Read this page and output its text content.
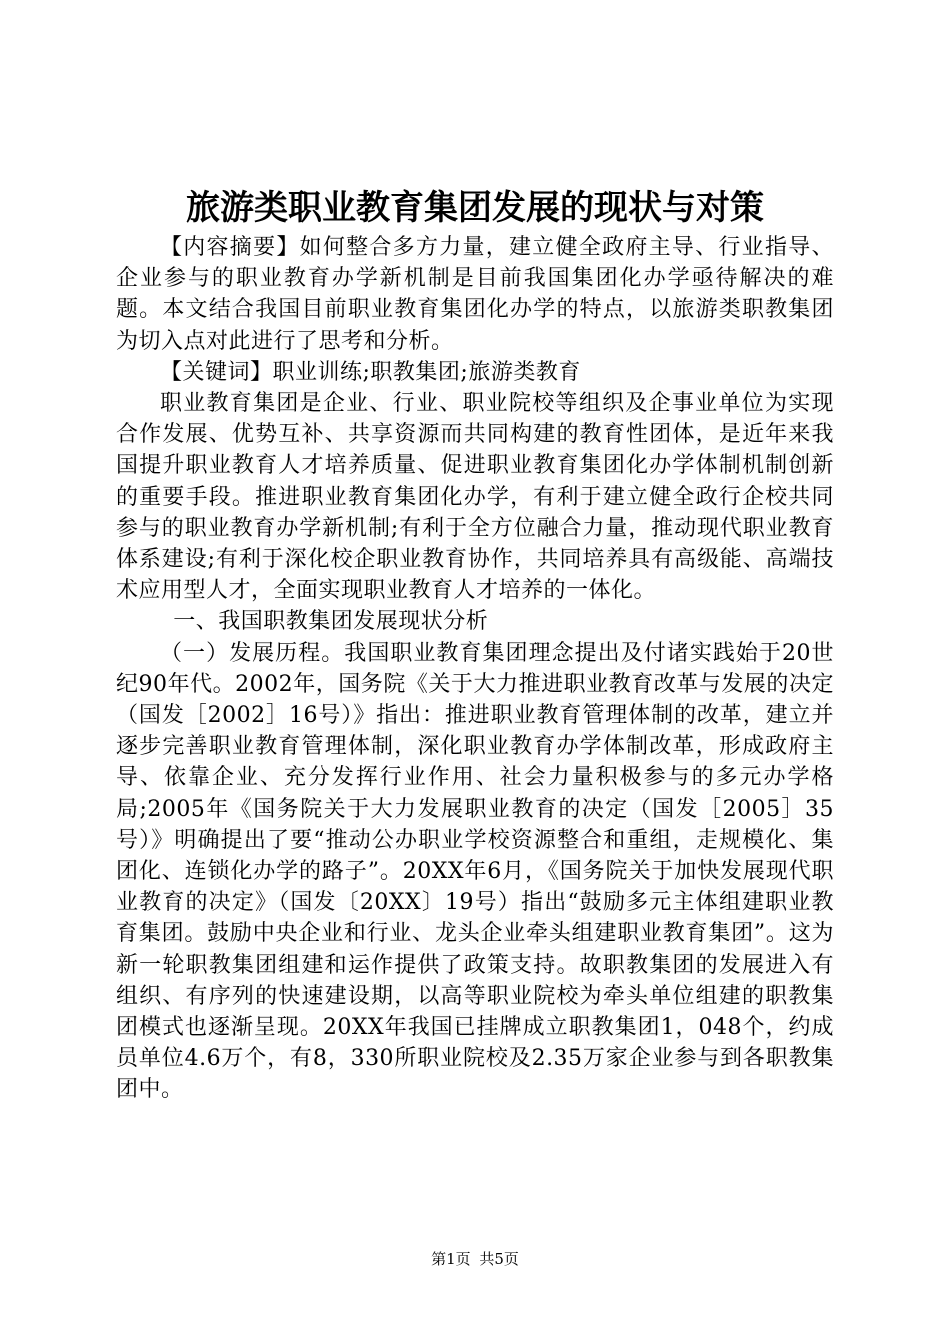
旅游类职业教育集团发展的现状与对策

【内容摘要】如何整合多方力量，建立健全政府主导、行业指导、企业参与的职业教育办学新机制是目前我国集团化办学亟待解决的难题。本文结合我国目前职业教育集团化办学的特点，以旅游类职教集团为切入点对此进行了思考和分析。

【关键词】职业训练;职教集团;旅游类教育

职业教育集团是企业、行业、职业院校等组织及企事业单位为实现合作发展、优势互补、共享资源而共同构建的教育性团体，是近年来我国提升职业教育人才培养质量、促进职业教育集团化办学体制机制创新的重要手段。推进职业教育集团化办学，有利于建立健全政行企校共同参与的职业教育办学新机制;有利于全方位融合力量，推动现代职业教育体系建设;有利于深化校企职业教育协作，共同培养具有高级能、高端技术应用型人才，全面实现职业教育人才培养的一体化。

一、我国职教集团发展现状分析

（一）发展历程。我国职业教育集团理念提出及付诸实践始于20世纪90年代。2002年，国务院《关于大力推进职业教育改革与发展的决定（国发［2002］16号）》指出：推进职业教育管理体制的改革，建立并逐步完善职业教育管理体制，深化职业教育办学体制改革，形成政府主导、依靠企业、充分发挥行业作用、社会力量积极参与的多元办学格局;2005年《国务院关于大力发展职业教育的决定（国发［2005］35号）》明确提出了要“推动公办职业学校资源整合和重组，走规模化、集团化、连锁化办学的路子”。20XX年6月，《国务院关于加快发展现代职业教育的决定》（国发〔20XX〕19号）指出“鼓励多元主体组建职业教育集团。鼓励中央企业和行业、龙头企业牵头组建职业教育集团”。这为新一轮职教集团组建和运作提供了政策支持。故职教集团的发展进入有组织、有序列的快速建设期，以高等职业院校为牵头单位组建的职教集团模式也逐渐呈现。20XX年我国已挂牌成立职教集团1，048个，约成员单位4.6万个，有8，330所职业院校及2.35万家企业参与到各职教集团中。

第1页 共5页
